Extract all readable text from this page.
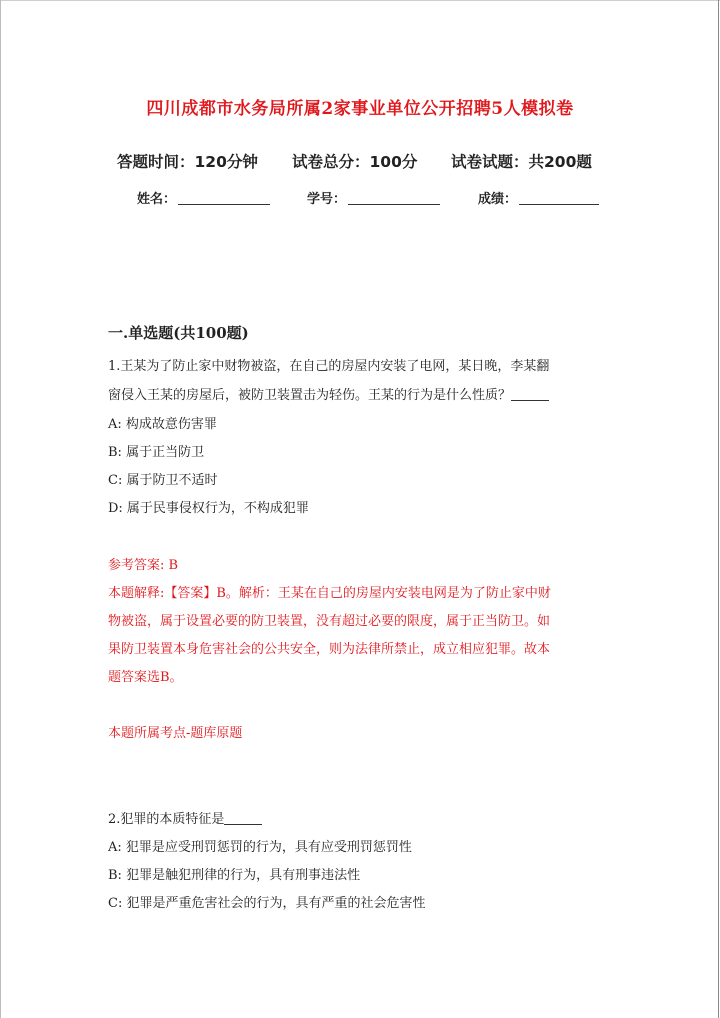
四川成都市水务局所属2家事业单位公开招聘5人模拟卷
答题时间：120分钟 试卷总分：100分 试卷试题：共200题
姓名：	学号：	成绩：
一.单选题(共100题)
1.王某为了防止家中财物被盗，在自己的房屋内安装了电网，某日晚，李某翻
窗侵入王某的房屋后，被防卫装置击为轻伤。王某的行为是什么性质？
A: 构成故意伤害罪
B: 属于正当防卫
C: 属于防卫不适时
D: 属于民事侵权行为，不构成犯罪
参考答案: B
本题解释:【答案】B。解析：王某在自己的房屋内安装电网是为了防止家中财
物被盗，属于设置必要的防卫装置，没有超过必要的限度，属于正当防卫。如
果防卫装置本身危害社会的公共安全，则为法律所禁止，成立相应犯罪。故本
题答案选B。
本题所属考点-题库原题
2.犯罪的本质特征是
A: 犯罪是应受刑罚惩罚的行为，具有应受刑罚惩罚性
B: 犯罪是触犯刑律的行为，具有刑事违法性
C: 犯罪是严重危害社会的行为，具有严重的社会危害性
